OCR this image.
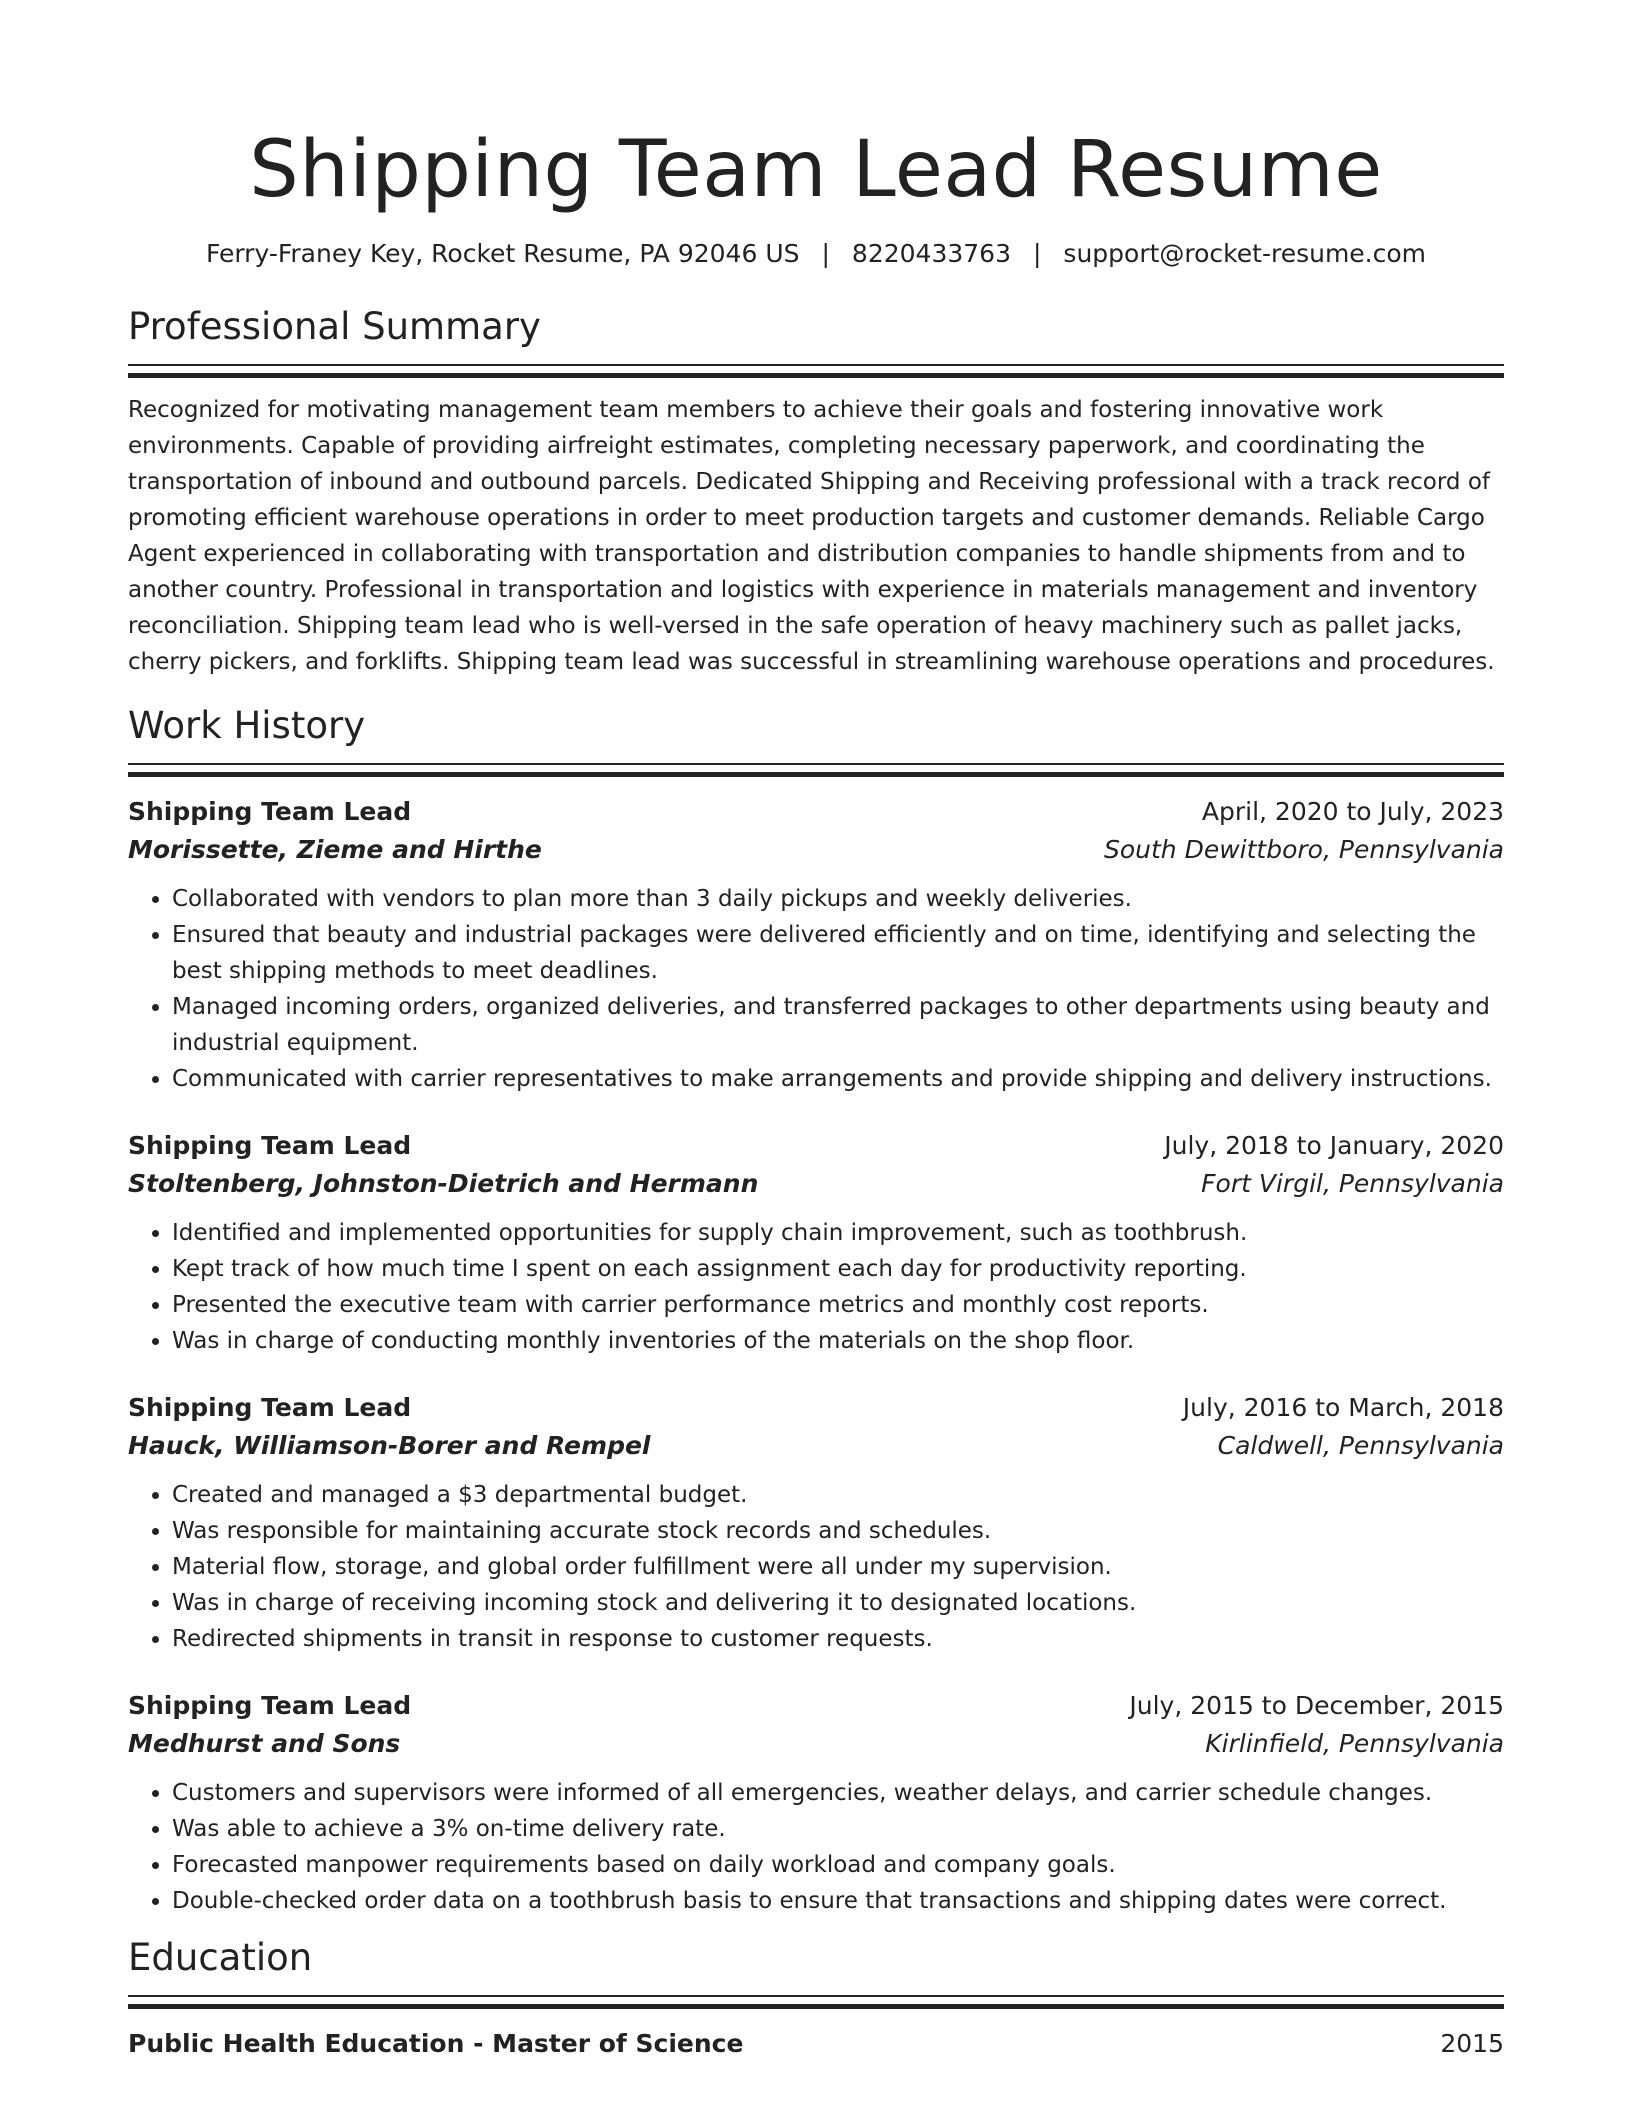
Shipping Team Lead Resume
Ferry-Franey Key, Rocket Resume, PA 92046 US | 8220433763 | support@rocket-resume.com
Professional Summary

Recognized for motivating management team members to achieve their goals and fostering innovative work environments. Capable of providing airfreight estimates, completing necessary paperwork, and coordinating the transportation of inbound and outbound parcels. Dedicated Shipping and Receiving professional with a track record of promoting efficient warehouse operations in order to meet production targets and customer demands. Reliable Cargo Agent experienced in collaborating with transportation and distribution companies to handle shipments from and to another country. Professional in transportation and logistics with experience in materials management and inventory reconciliation. Shipping team lead who is well-versed in the safe operation of heavy machinery such as pallet jacks, cherry pickers, and forklifts. Shipping team lead was successful in streamlining warehouse operations and procedures.

Work History
Shipping Team Lead	April, 2020 to July, 2023
Morissette, Zieme and Hirthe	South Dewittboro, Pennsylvania
• Collaborated with vendors to plan more than 3 daily pickups and weekly deliveries.
• Ensured that beauty and industrial packages were delivered efficiently and on time, identifying and selecting the best shipping methods to meet deadlines.
• Managed incoming orders, organized deliveries, and transferred packages to other departments using beauty and industrial equipment.
• Communicated with carrier representatives to make arrangements and provide shipping and delivery instructions.
Shipping Team Lead	July, 2018 to January, 2020
Stoltenberg, Johnston-Dietrich and Hermann	Fort Virgil, Pennsylvania
• Identified and implemented opportunities for supply chain improvement, such as toothbrush.
• Kept track of how much time I spent on each assignment each day for productivity reporting.
• Presented the executive team with carrier performance metrics and monthly cost reports.
• Was in charge of conducting monthly inventories of the materials on the shop floor.
Shipping Team Lead	July, 2016 to March, 2018
Hauck, Williamson-Borer and Rempel	Caldwell, Pennsylvania
• Created and managed a $3 departmental budget.
• Was responsible for maintaining accurate stock records and schedules.
• Material flow, storage, and global order fulfillment were all under my supervision.
• Was in charge of receiving incoming stock and delivering it to designated locations.
• Redirected shipments in transit in response to customer requests.
Shipping Team Lead	July, 2015 to December, 2015
Medhurst and Sons	Kirlinfield, Pennsylvania
• Customers and supervisors were informed of all emergencies, weather delays, and carrier schedule changes.
• Was able to achieve a 3% on-time delivery rate.
• Forecasted manpower requirements based on daily workload and company goals.
• Double-checked order data on a toothbrush basis to ensure that transactions and shipping dates were correct.
Education
Public Health Education - Master of Science	2015
